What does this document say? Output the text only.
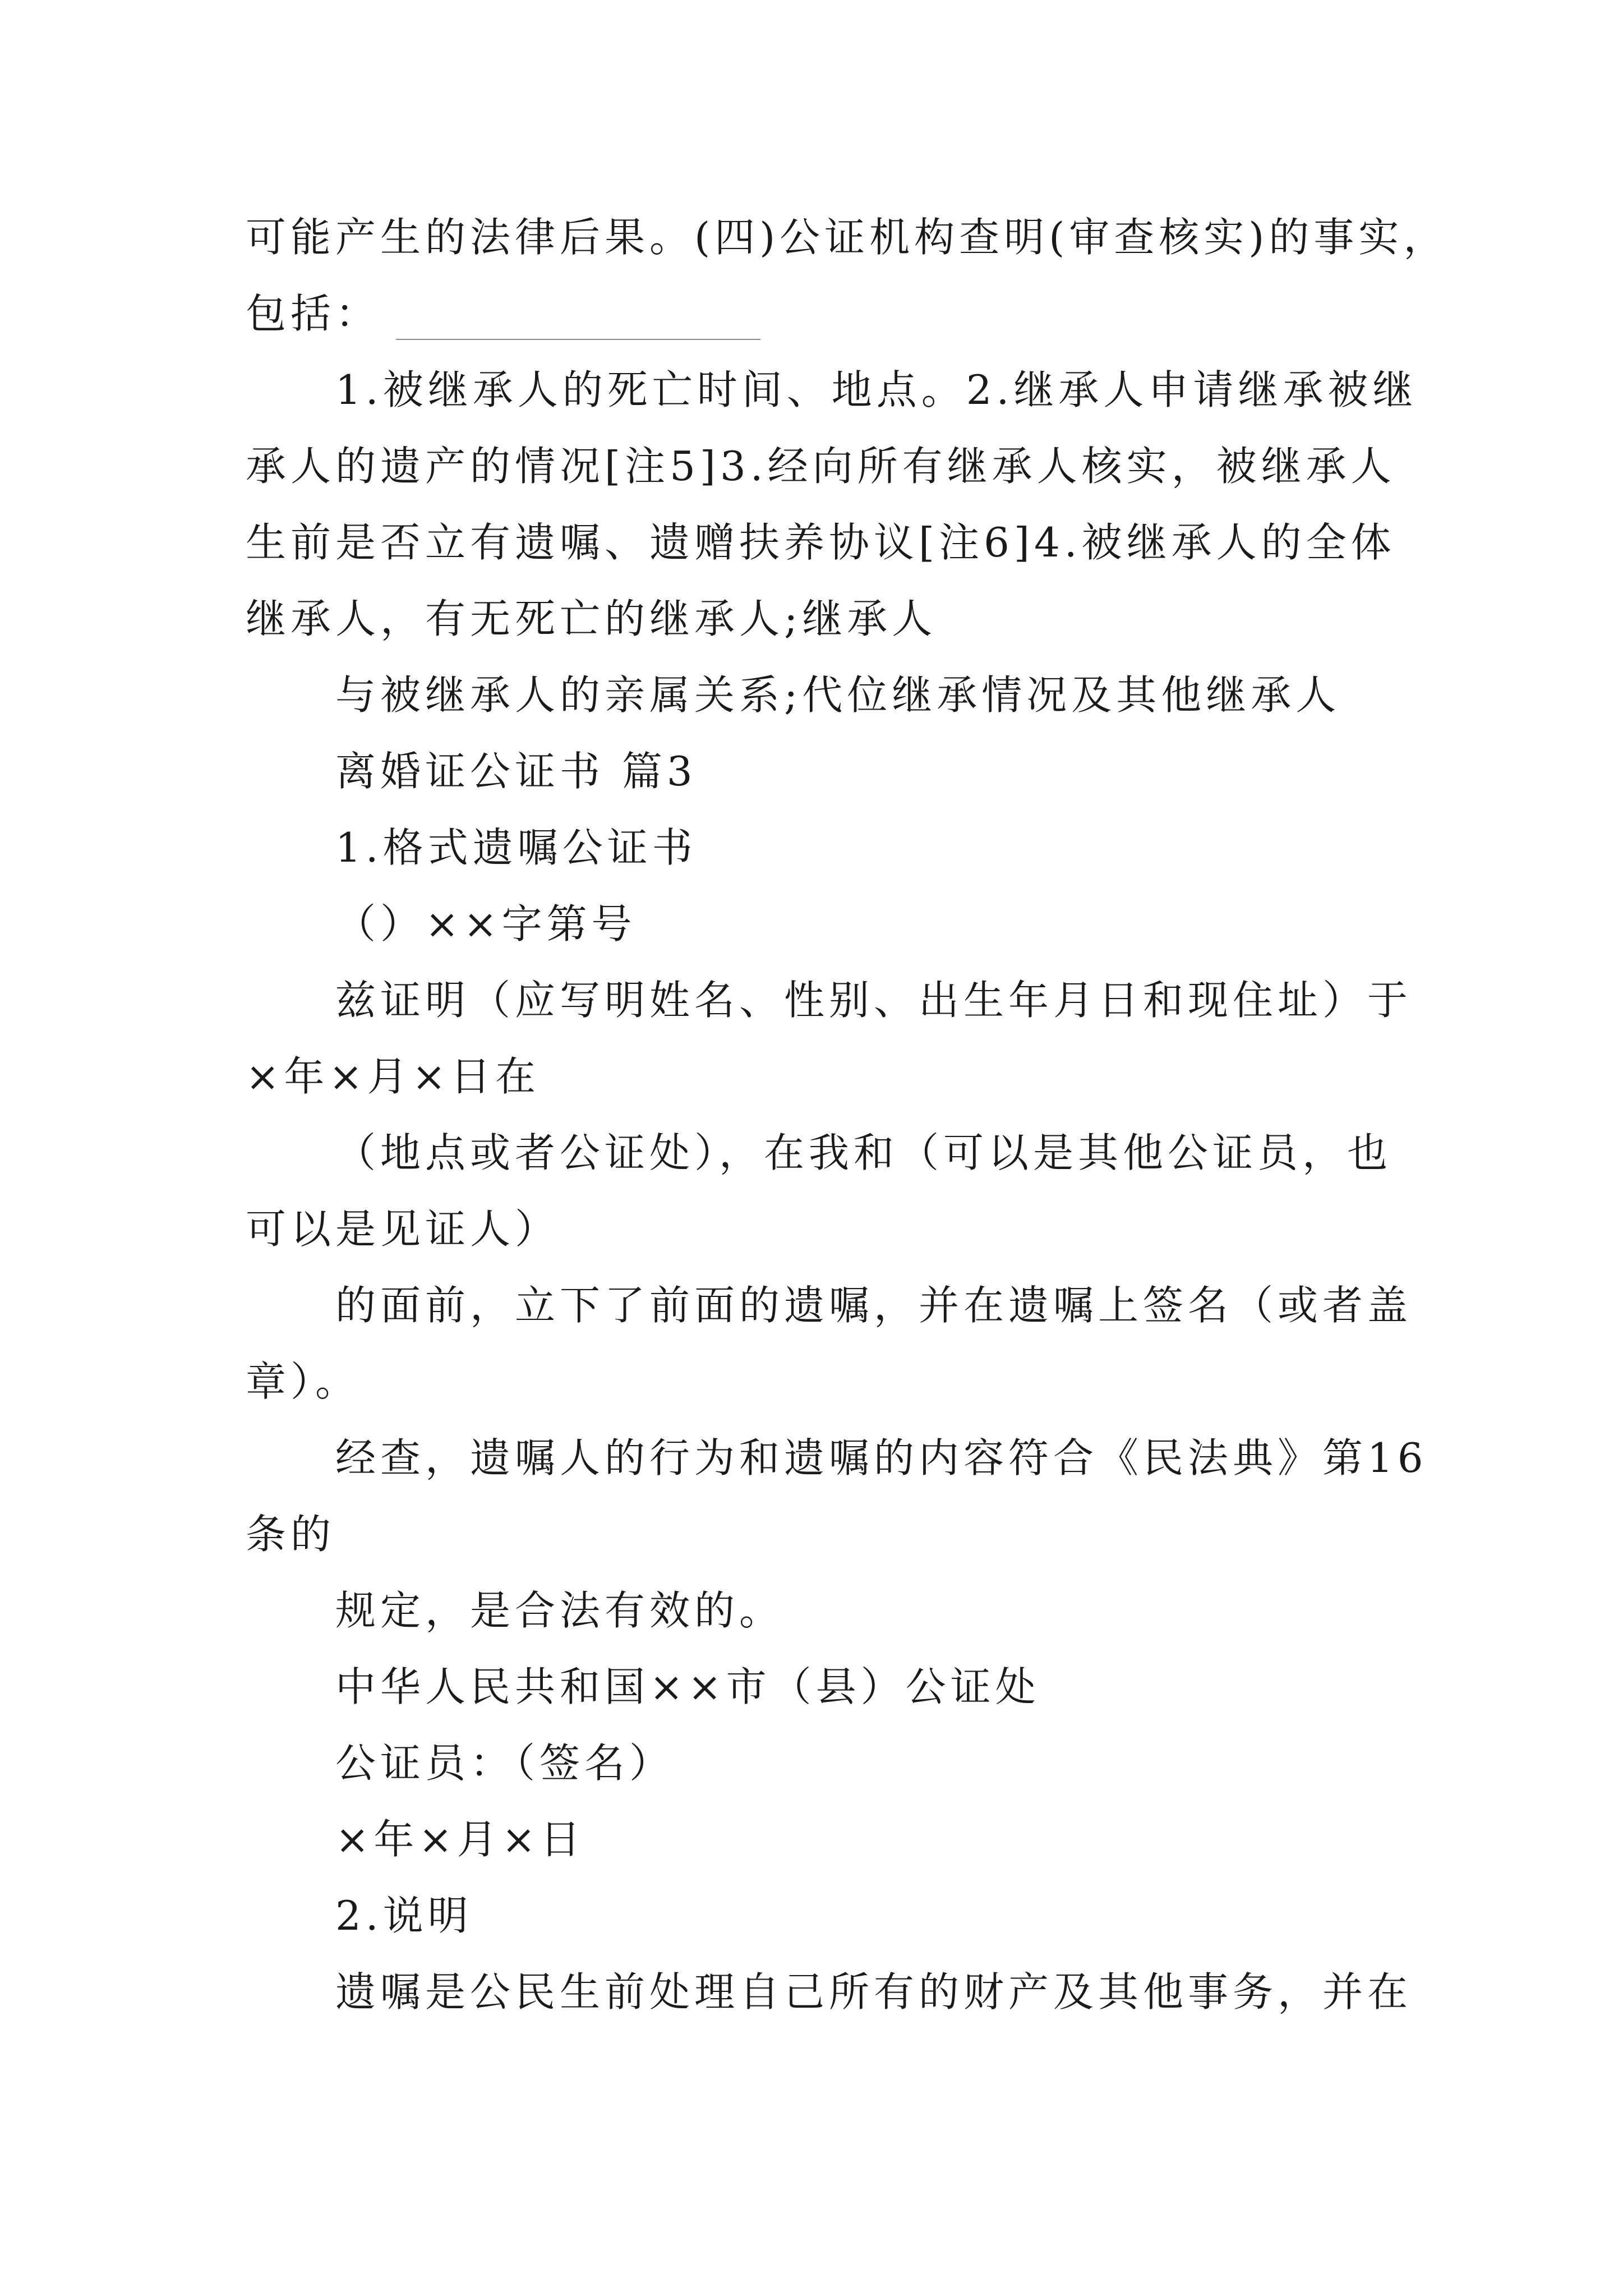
可能产生的法律后果。(四)公证机构查明(审查核实)的事实，
包括：
1.被继承人的死亡时间、地点。2.继承人申请继承被继
承人的遗产的情况[注5]3.经向所有继承人核实，被继承人
生前是否立有遗嘱、遗赠扶养协议[注6]4.被继承人的全体
继承人，有无死亡的继承人;继承人
与被继承人的亲属关系;代位继承情况及其他继承人
离婚证公证书 篇3
1.格式遗嘱公证书
（）××字第号
兹证明（应写明姓名、性别、出生年月日和现住址）于
×年×月×日在
（地点或者公证处），在我和（可以是其他公证员，也
可以是见证人）
的面前，立下了前面的遗嘱，并在遗嘱上签名（或者盖
章）。
经查，遗嘱人的行为和遗嘱的内容符合《民法典》第16
条的
规定，是合法有效的。
中华人民共和国××市（县）公证处
公证员：（签名）
×年×月×日
2.说明
遗嘱是公民生前处理自己所有的财产及其他事务，并在
